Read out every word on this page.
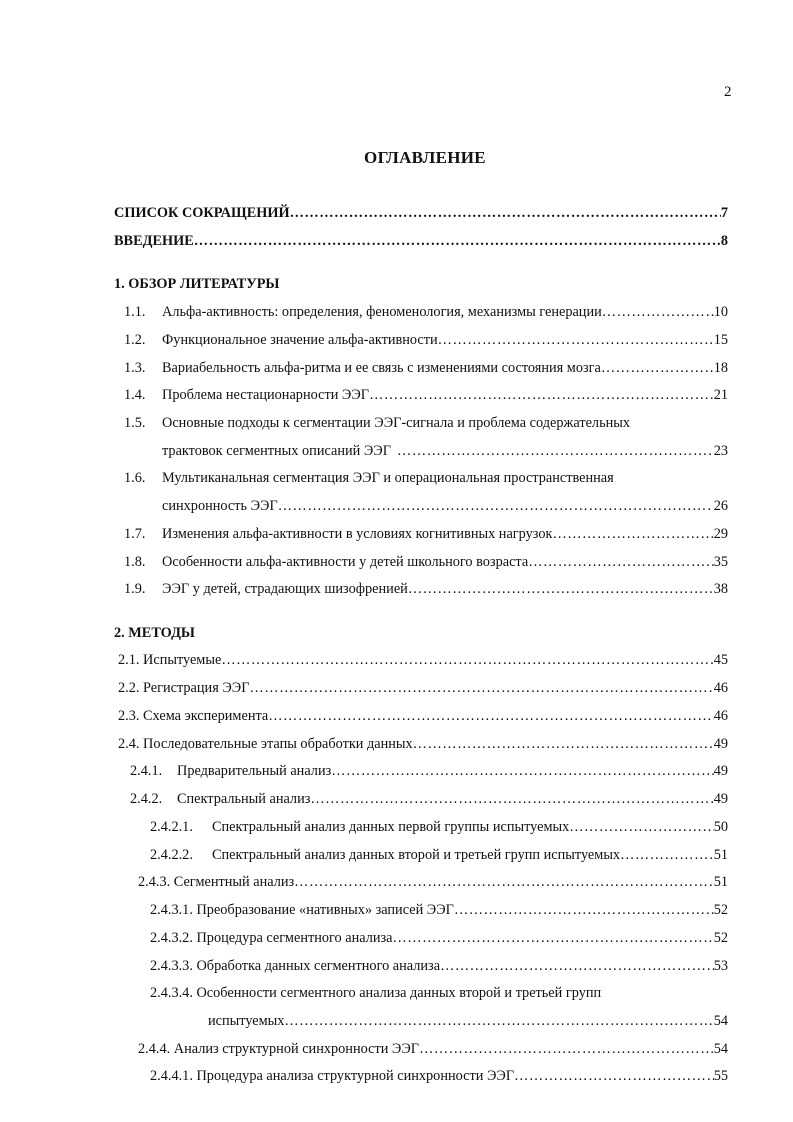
2
ОГЛАВЛЕНИЕ
СПИСОК СОКРАЩЕНИЙ …………………………………………………………………………………………………………………………………………………………………………	7
ВВЕДЕНИЕ …………………………………………………………………………………………………………………………………………………………………………	8
1. ОБЗОР ЛИТЕРАТУРЫ
1.1.	Альфа-активность: определения, феноменология, механизмы генерации …………………………………………………………………………………………………………………………………………………………………………	10
1.2.	Функциональное значение альфа-активности …………………………………………………………………………………………………………………………………………………………………………	15
1.3.	Вариабельность альфа-ритма и ее связь с изменениями состояния мозга …………………………………………………………………………………………………………………………………………………………………………	18
1.4.	Проблема нестационарности ЭЭГ …………………………………………………………………………………………………………………………………………………………………………	21
1.5. Основные подходы к сегментации ЭЭГ-сигнала и проблема содержательных
трактовок сегментных описаний ЭЭГ …………………………………………………………………………………………………………………………………………………………………………	23
1.6. Мультиканальная сегментация ЭЭГ и операциональная пространственная
синхронность ЭЭГ …………………………………………………………………………………………………………………………………………………………………………	26
1.7.	Изменения альфа-активности в условиях когнитивных нагрузок …………………………………………………………………………………………………………………………………………………………………………	29
1.8.	Особенности альфа-активности у детей школьного возраста …………………………………………………………………………………………………………………………………………………………………………	35
1.9.	ЭЭГ у детей, страдающих шизофренией …………………………………………………………………………………………………………………………………………………………………………	38
2. МЕТОДЫ
2.1. Испытуемые …………………………………………………………………………………………………………………………………………………………………………	45
2.2. Регистрация ЭЭГ …………………………………………………………………………………………………………………………………………………………………………	46
2.3. Схема эксперимента …………………………………………………………………………………………………………………………………………………………………………	46
2.4. Последовательные этапы обработки данных …………………………………………………………………………………………………………………………………………………………………………	49
2.4.1.	Предварительный анализ …………………………………………………………………………………………………………………………………………………………………………	49
2.4.2.	Спектральный анализ …………………………………………………………………………………………………………………………………………………………………………	49
2.4.2.1.	Спектральный анализ данных первой группы испытуемых …………………………………………………………………………………………………………………………………………………………………………	50
2.4.2.2.	Спектральный анализ данных второй и третьей групп испытуемых …………………………………………………………………………………………………………………………………………………………………………	51
2.4.3. Сегментный анализ …………………………………………………………………………………………………………………………………………………………………………	51
2.4.3.1. Преобразование «нативных» записей ЭЭГ …………………………………………………………………………………………………………………………………………………………………………	52
2.4.3.2. Процедура сегментного анализа …………………………………………………………………………………………………………………………………………………………………………	52
2.4.3.3. Обработка данных сегментного анализа …………………………………………………………………………………………………………………………………………………………………………	53
2.4.3.4. Особенности сегментного анализа данных второй и третьей групп
испытуемых …………………………………………………………………………………………………………………………………………………………………………	54
2.4.4. Анализ структурной синхронности ЭЭГ …………………………………………………………………………………………………………………………………………………………………………	54
2.4.4.1. Процедура анализа структурной синхронности ЭЭГ …………………………………………………………………………………………………………………………………………………………………………	55
